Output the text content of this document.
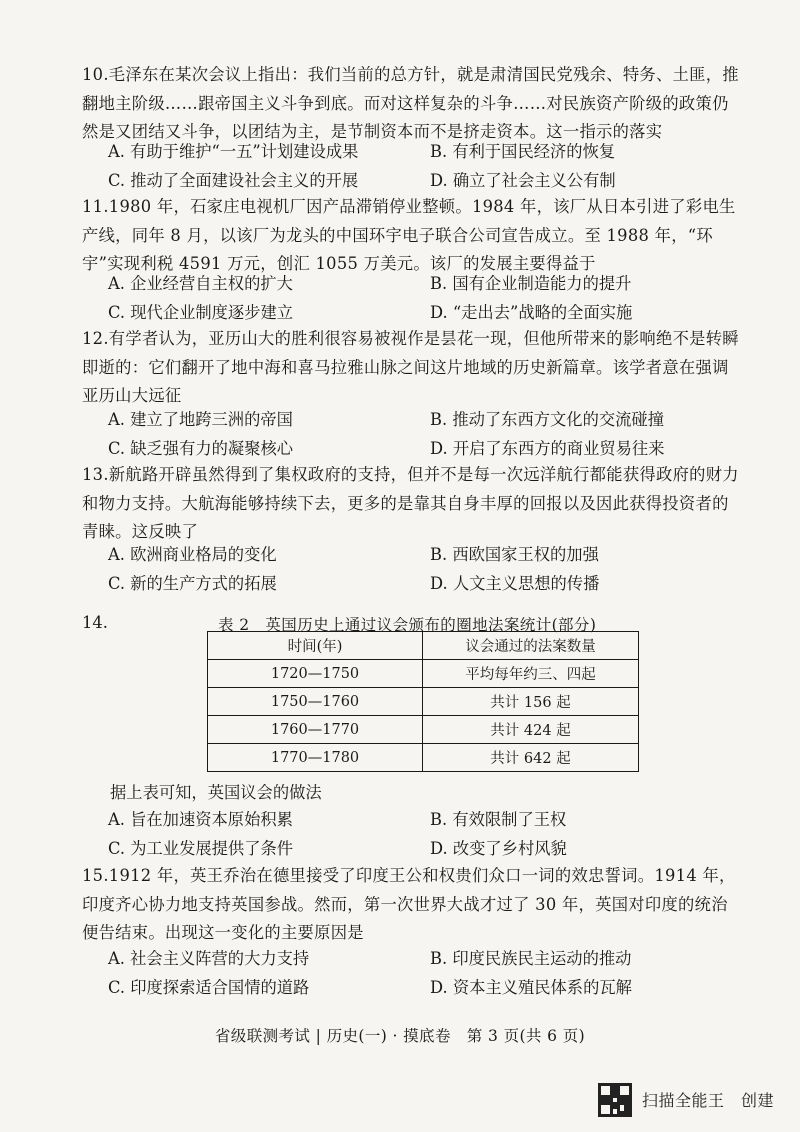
10.毛泽东在某次会议上指出：我们当前的总方针，就是肃清国民党残余、特务、土匪，推翻地主阶级……跟帝国主义斗争到底。而对这样复杂的斗争……对民族资产阶级的政策仍然是又团结又斗争，以团结为主，是节制资本而不是挤走资本。这一指示的落实
A. 有助于维护“一五”计划建设成果	B. 有利于国民经济的恢复
C. 推动了全面建设社会主义的开展	D. 确立了社会主义公有制
11.1980 年，石家庄电视机厂因产品滞销停业整顿。1984 年，该厂从日本引进了彩电生产线，同年 8 月，以该厂为龙头的中国环宇电子联合公司宣告成立。至 1988 年，“环宇”实现利税 4591 万元，创汇 1055 万美元。该厂的发展主要得益于
A. 企业经营自主权的扩大	B. 国有企业制造能力的提升
C. 现代企业制度逐步建立	D. “走出去”战略的全面实施
12.有学者认为，亚历山大的胜利很容易被视作是昙花一现，但他所带来的影响绝不是转瞬即逝的：它们翻开了地中海和喜马拉雅山脉之间这片地域的历史新篇章。该学者意在强调亚历山大远征
A. 建立了地跨三洲的帝国	B. 推动了东西方文化的交流碰撞
C. 缺乏强有力的凝聚核心	D. 开启了东西方的商业贸易往来
13.新航路开辟虽然得到了集权政府的支持，但并不是每一次远洋航行都能获得政府的财力和物力支持。大航海能够持续下去，更多的是靠其自身丰厚的回报以及因此获得投资者的青睐。这反映了
A. 欧洲商业格局的变化	B. 西欧国家王权的加强
C. 新的生产方式的拓展	D. 人文主义思想的传播
14.	表 2　英国历史上通过议会颁布的圈地法案统计(部分)
时间(年)	议会通过的法案数量
1720—1750	平均每年约三、四起
1750—1760	共计 156 起
1760—1770	共计 424 起
1770—1780	共计 642 起
据上表可知，英国议会的做法
A. 旨在加速资本原始积累	B. 有效限制了王权
C. 为工业发展提供了条件	D. 改变了乡村风貌
15.1912 年，英王乔治在德里接受了印度王公和权贵们众口一词的效忠誓词。1914 年，印度齐心协力地支持英国参战。然而，第一次世界大战才过了 30 年，英国对印度的统治便告结束。出现这一变化的主要原因是
A. 社会主义阵营的大力支持	B. 印度民族民主运动的推动
C. 印度探索适合国情的道路	D. 资本主义殖民体系的瓦解
省级联测考试 | 历史(一) · 摸底卷　第 3 页(共 6 页)
扫描全能王　创建
